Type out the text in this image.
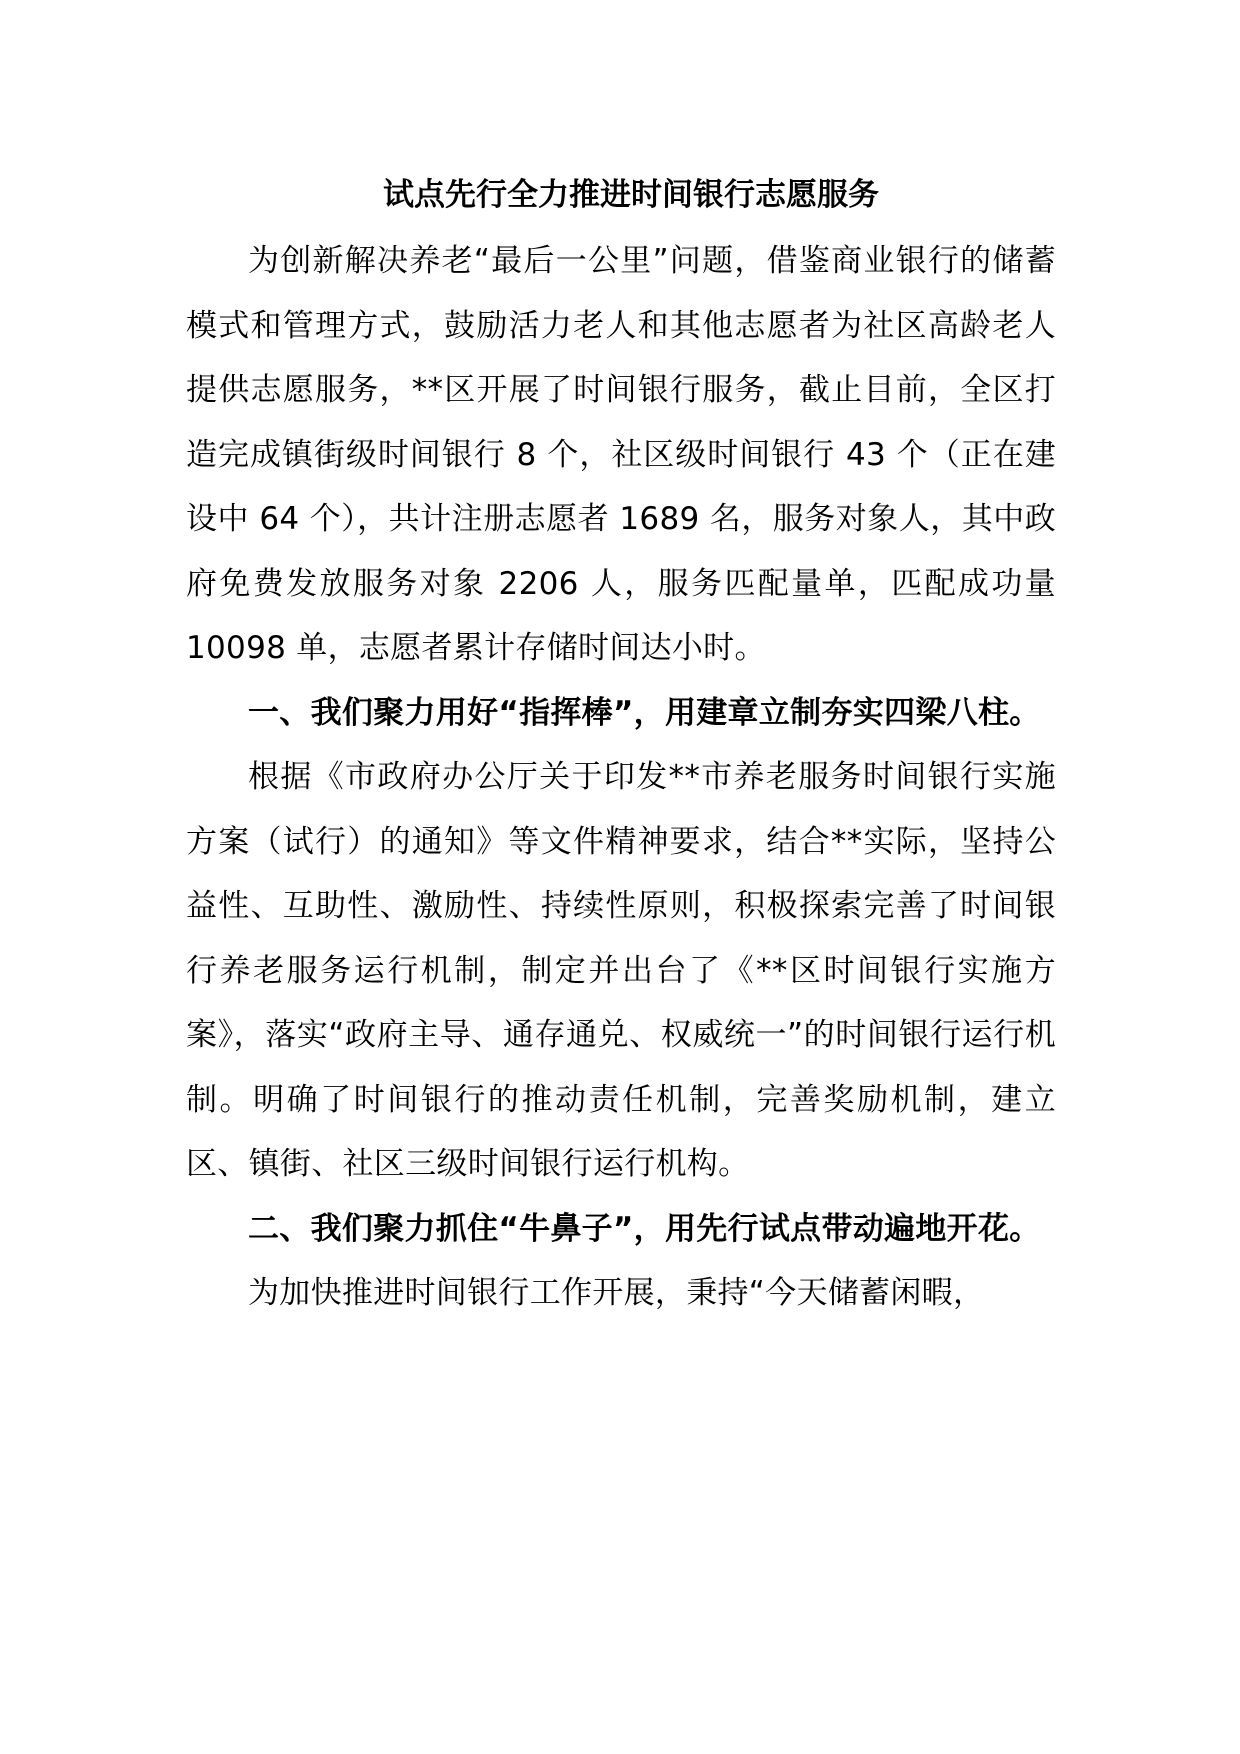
试点先行全力推进时间银行志愿服务

为创新解决养老“最后一公里”问题，借鉴商业银行的储蓄模式和管理方式，鼓励活力老人和其他志愿者为社区高龄老人提供志愿服务，**区开展了时间银行服务，截止目前，全区打造完成镇街级时间银行 8 个，社区级时间银行 43 个（正在建设中 64 个），共计注册志愿者 1689 名，服务对象人，其中政府免费发放服务对象 2206 人，服务匹配量单，匹配成功量 10098 单，志愿者累计存储时间达小时。

一、我们聚力用好“指挥棒”，用建章立制夯实四梁八柱。

根据《市政府办公厅关于印发**市养老服务时间银行实施方案（试行）的通知》等文件精神要求，结合**实际，坚持公益性、互助性、激励性、持续性原则，积极探索完善了时间银行养老服务运行机制，制定并出台了《**区时间银行实施方案》，落实“政府主导、通存通兑、权威统一”的时间银行运行机制。明确了时间银行的推动责任机制，完善奖励机制，建立区、镇街、社区三级时间银行运行机构。

二、我们聚力抓住“牛鼻子”，用先行试点带动遍地开花。

为加快推进时间银行工作开展，秉持“今天储蓄闲暇，
